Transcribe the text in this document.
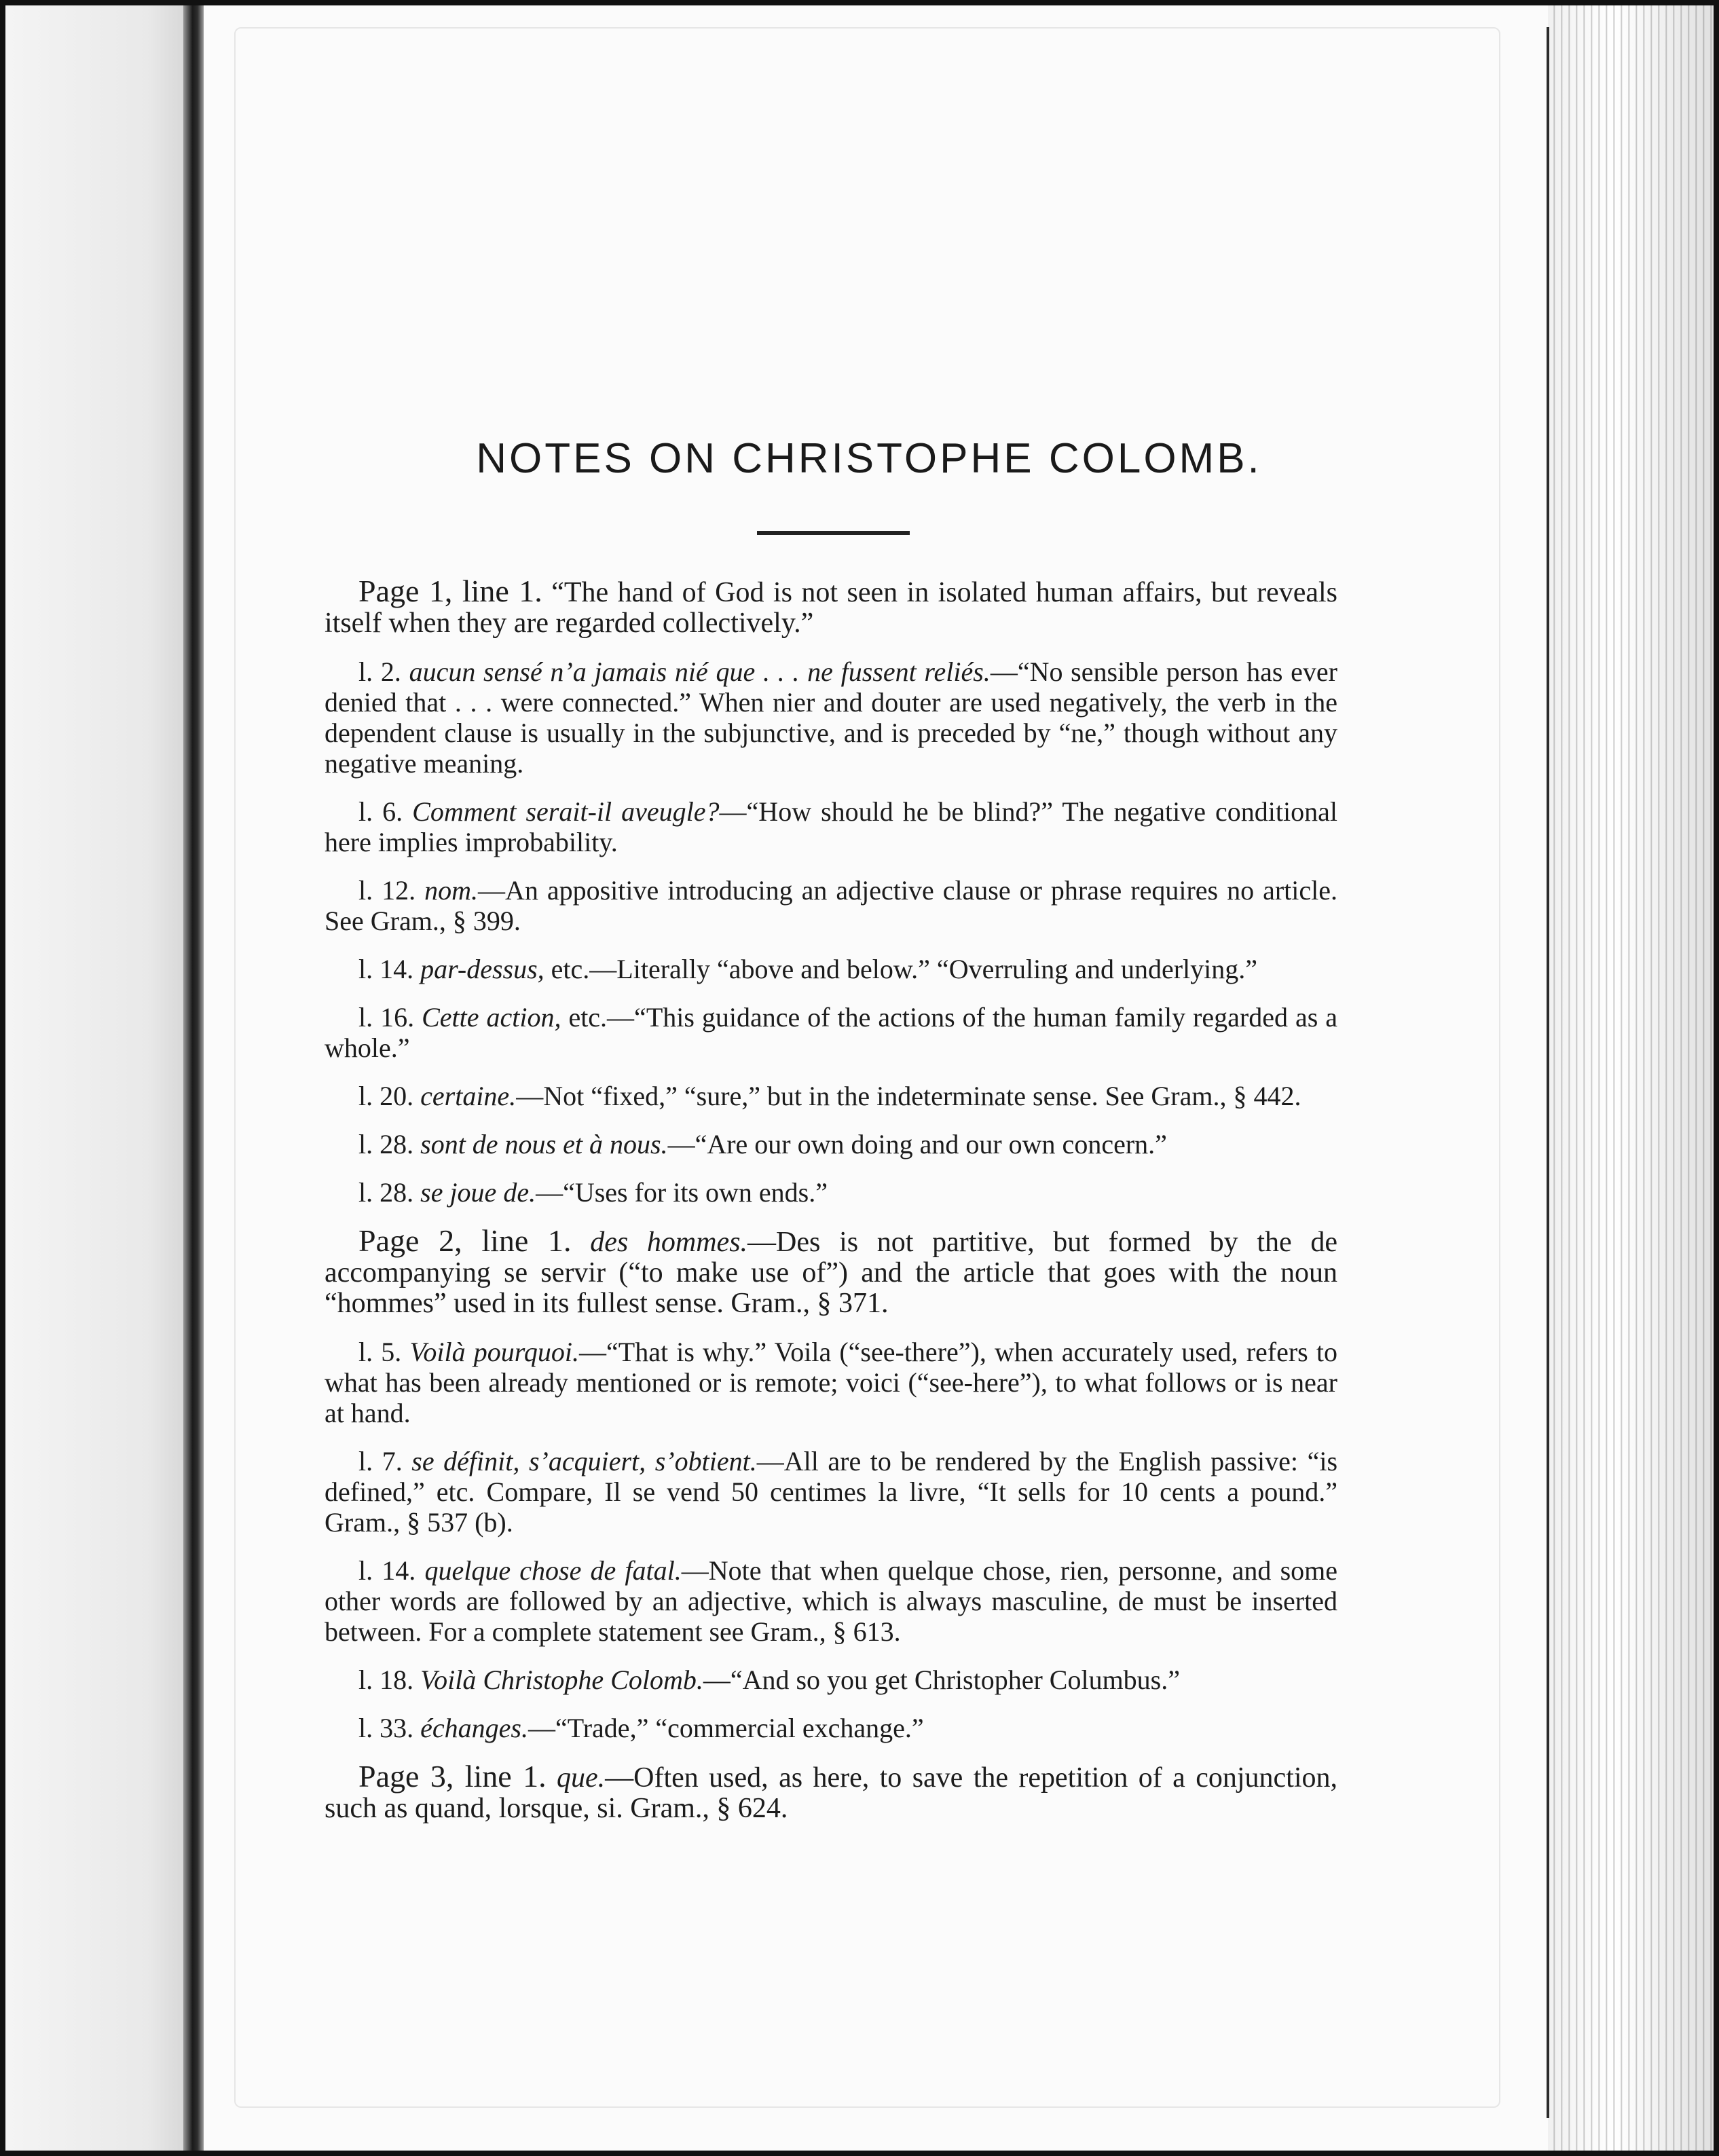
NOTES ON CHRISTOPHE COLOMB.

Page 1, line 1. “The hand of God is not seen in isolated human affairs, but reveals itself when they are regarded collectively.”

l. 2. aucun sensé n’a jamais nié que . . . ne fussent reliés.—“No sensible person has ever denied that . . . were connected.” When nier and douter are used negatively, the verb in the dependent clause is usually in the subjunctive, and is preceded by “ne,” though without any negative meaning.

l. 6. Comment serait-il aveugle?—“How should he be blind?” The negative conditional here implies improbability.

l. 12. nom.—An appositive introducing an adjective clause or phrase requires no article. See Gram., § 399.

l. 14. par-dessus, etc.—Literally “above and below.” “Overruling and underlying.”

l. 16. Cette action, etc.—“This guidance of the actions of the human family regarded as a whole.”

l. 20. certaine.—Not “fixed,” “sure,” but in the indeterminate sense. See Gram., § 442.

l. 28. sont de nous et à nous.—“Are our own doing and our own concern.”

l. 28. se joue de.—“Uses for its own ends.”

Page 2, line 1. des hommes.—Des is not partitive, but formed by the de accompanying se servir (“to make use of”) and the article that goes with the noun “hommes” used in its fullest sense. Gram., § 371.

l. 5. Voilà pourquoi.—“That is why.” Voila (“see-there”), when accurately used, refers to what has been already mentioned or is remote; voici (“see-here”), to what follows or is near at hand.

l. 7. se définit, s’acquiert, s’obtient.—All are to be rendered by the English passive: “is defined,” etc. Compare, Il se vend 50 centimes la livre, “It sells for 10 cents a pound.” Gram., § 537 (b).

l. 14. quelque chose de fatal.—Note that when quelque chose, rien, personne, and some other words are followed by an adjective, which is always masculine, de must be inserted between. For a complete statement see Gram., § 613.

l. 18. Voilà Christophe Colomb.—“And so you get Christopher Columbus.”

l. 33. échanges.—“Trade,” “commercial exchange.”

Page 3, line 1. que.—Often used, as here, to save the repetition of a conjunction, such as quand, lorsque, si. Gram., § 624.
